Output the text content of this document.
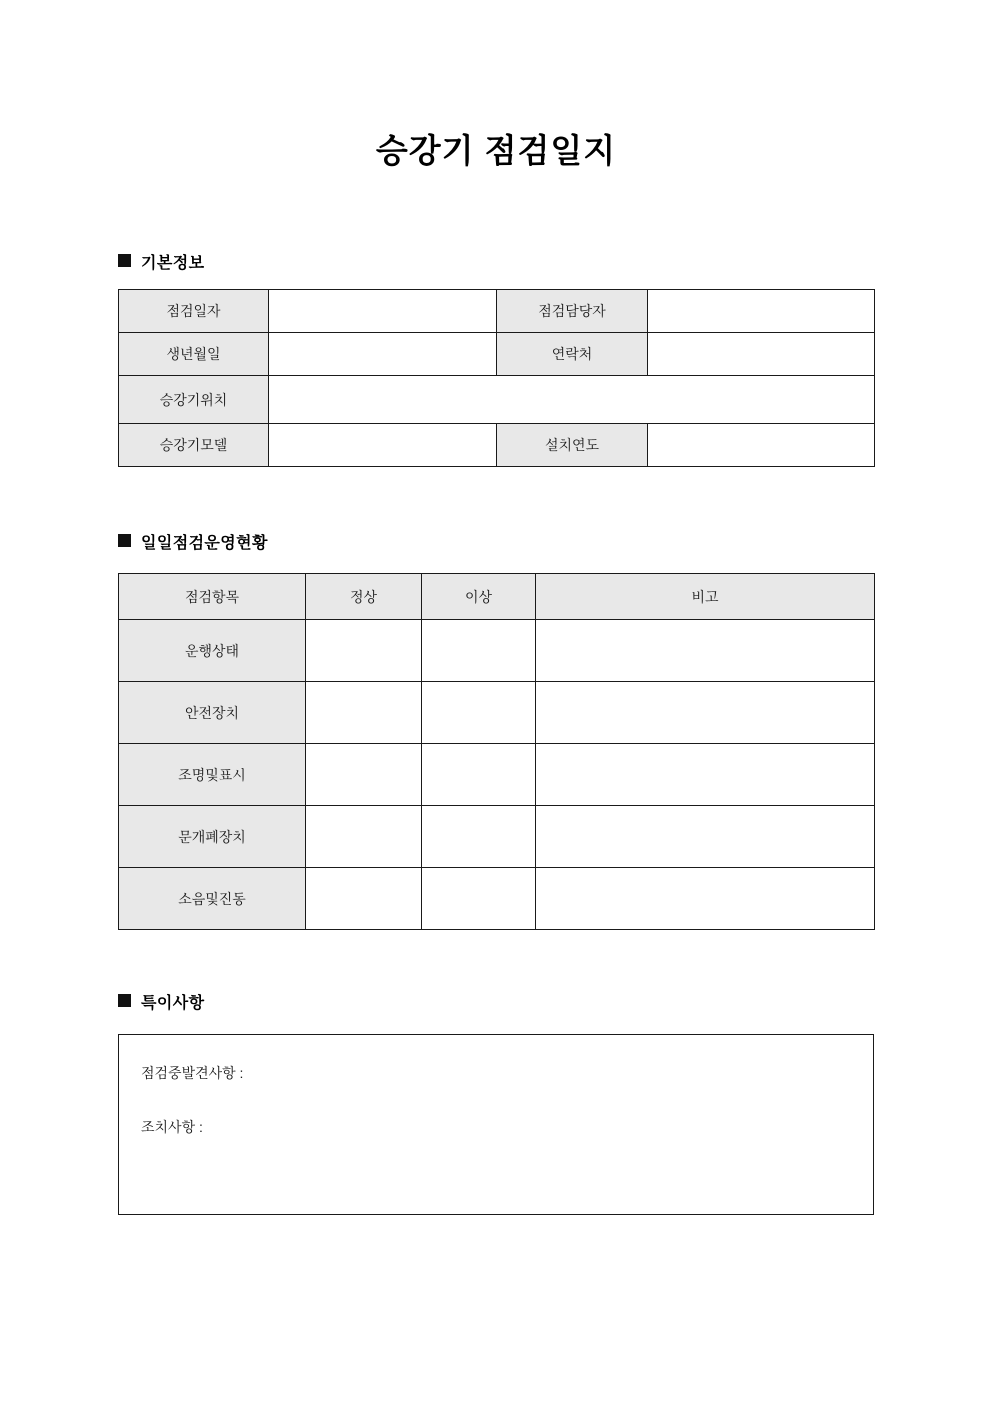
승강기 점검일지
기본정보
점검일자		점검담당자	
생년월일		연락처	
승강기위치			
승강기모델		설치연도	
일일점검운영현황
점검항목	정상	이상	비고
운행상태			
안전장치			
조명및표시			
문개폐장치			
소음및진동			
특이사항
점검중발견사항 :
조치사항 :
